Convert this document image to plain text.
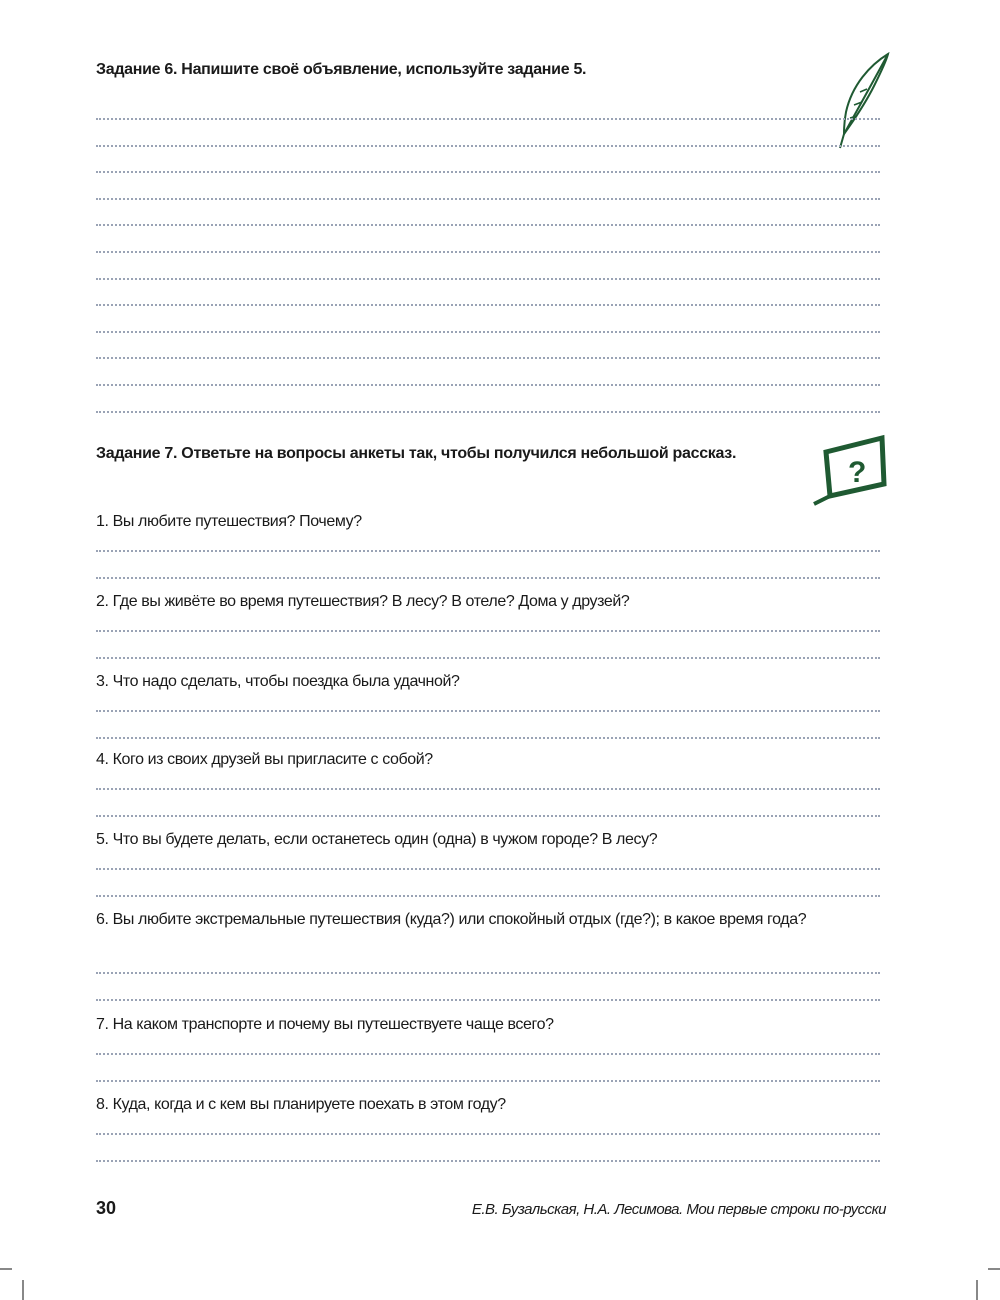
Задание 6. Напишите своё объявление, используйте задание 5.
Задание 7. Ответьте на вопросы анкеты так, чтобы получился небольшой рассказ.
?
1. Вы любите путешествия? Почему?
2. Где вы живёте во время путешествия? В лесу? В отеле? Дома у друзей?
3. Что надо сделать, чтобы поездка была удачной?
4. Кого из своих друзей вы пригласите с собой?
5. Что вы будете делать, если останетесь один (одна) в чужом городе? В лесу?
6. Вы любите экстремальные путешествия (куда?) или спокойный отдых (где?); в какое время года?
7. На каком транспорте и почему вы путешествуете чаще всего?
8. Куда, когда и с кем вы планируете поехать в этом году?
30	Е.В. Бузальская, Н.А. Лесимова. Мои первые строки по-русски
